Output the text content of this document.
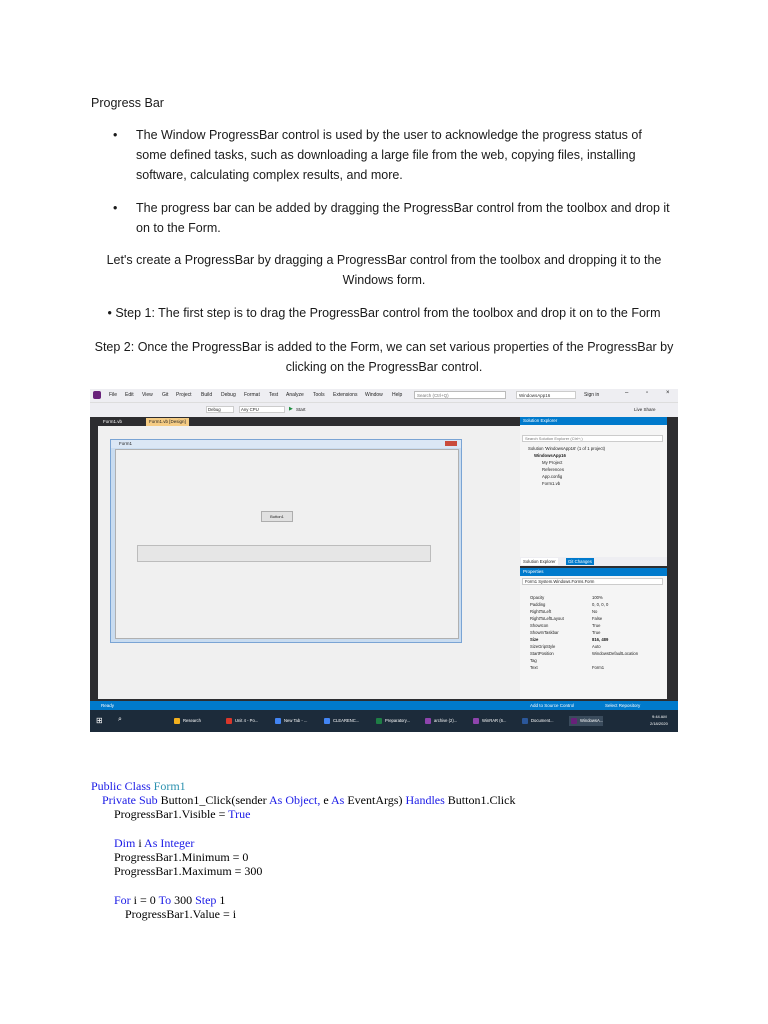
Progress Bar
• The Window ProgressBar control is used by the user to acknowledge the progress status of
some defined tasks, such as downloading a large file from the web, copying files, installing
software, calculating complex results, and more.
• The progress bar can be added by dragging the ProgressBar control from the toolbox and drop it
on to the Form.
Let's create a ProgressBar by dragging a ProgressBar control from the toolbox and dropping it to the
Windows form.
• Step 1: The first step is to drag the ProgressBar control from the toolbox and drop it on to the Form
Step 2: Once the ProgressBar is added to the Form, we can set various properties of the ProgressBar by
clicking on the ProgressBar control.
File Edit View Git Project Build Debug Format Test Analyze Tools Extensions Window Help	Search (Ctrl+Q)	WindowsApp16	Sign in	–	▫	×
Debug	Any CPU	▶ Start	Live Share
Form1.vb	Form1.vb [Design]
Form1
Button1
Solution Explorer
Search Solution Explorer (Ctrl+;)
Solution 'WindowsApp16' (1 of 1 project)
WindowsApp16
My Project
References
App.config
Form1.vb
Solution Explorer	Git Changes
Properties
Form1 System.Windows.Forms.Form
Opacity	100%
Padding	0, 0, 0, 0
RightToLeft	No
RightToLeftLayout	False
ShowIcon	True
ShowInTaskbar	True
Size	816, 489
SizeGripStyle	Auto
StartPosition	WindowsDefaultLocation
Tag
Text	Form1
Ready	Add to Source Control	Select Repository
⊞ ⌕	Research	Unit 4 - Po...	New Tab - ...	CLEARENC...	Preparatory...	archive (2)...	WinRAR (6...	Document...	WindowsA...
9:44 AM
2/18/2020
Public Class Form1
Private Sub Button1_Click(sender As Object, e As EventArgs) Handles Button1.Click
ProgressBar1.Visible = True
Dim i As Integer
ProgressBar1.Minimum = 0
ProgressBar1.Maximum = 300
For i = 0 To 300 Step 1
ProgressBar1.Value = i
